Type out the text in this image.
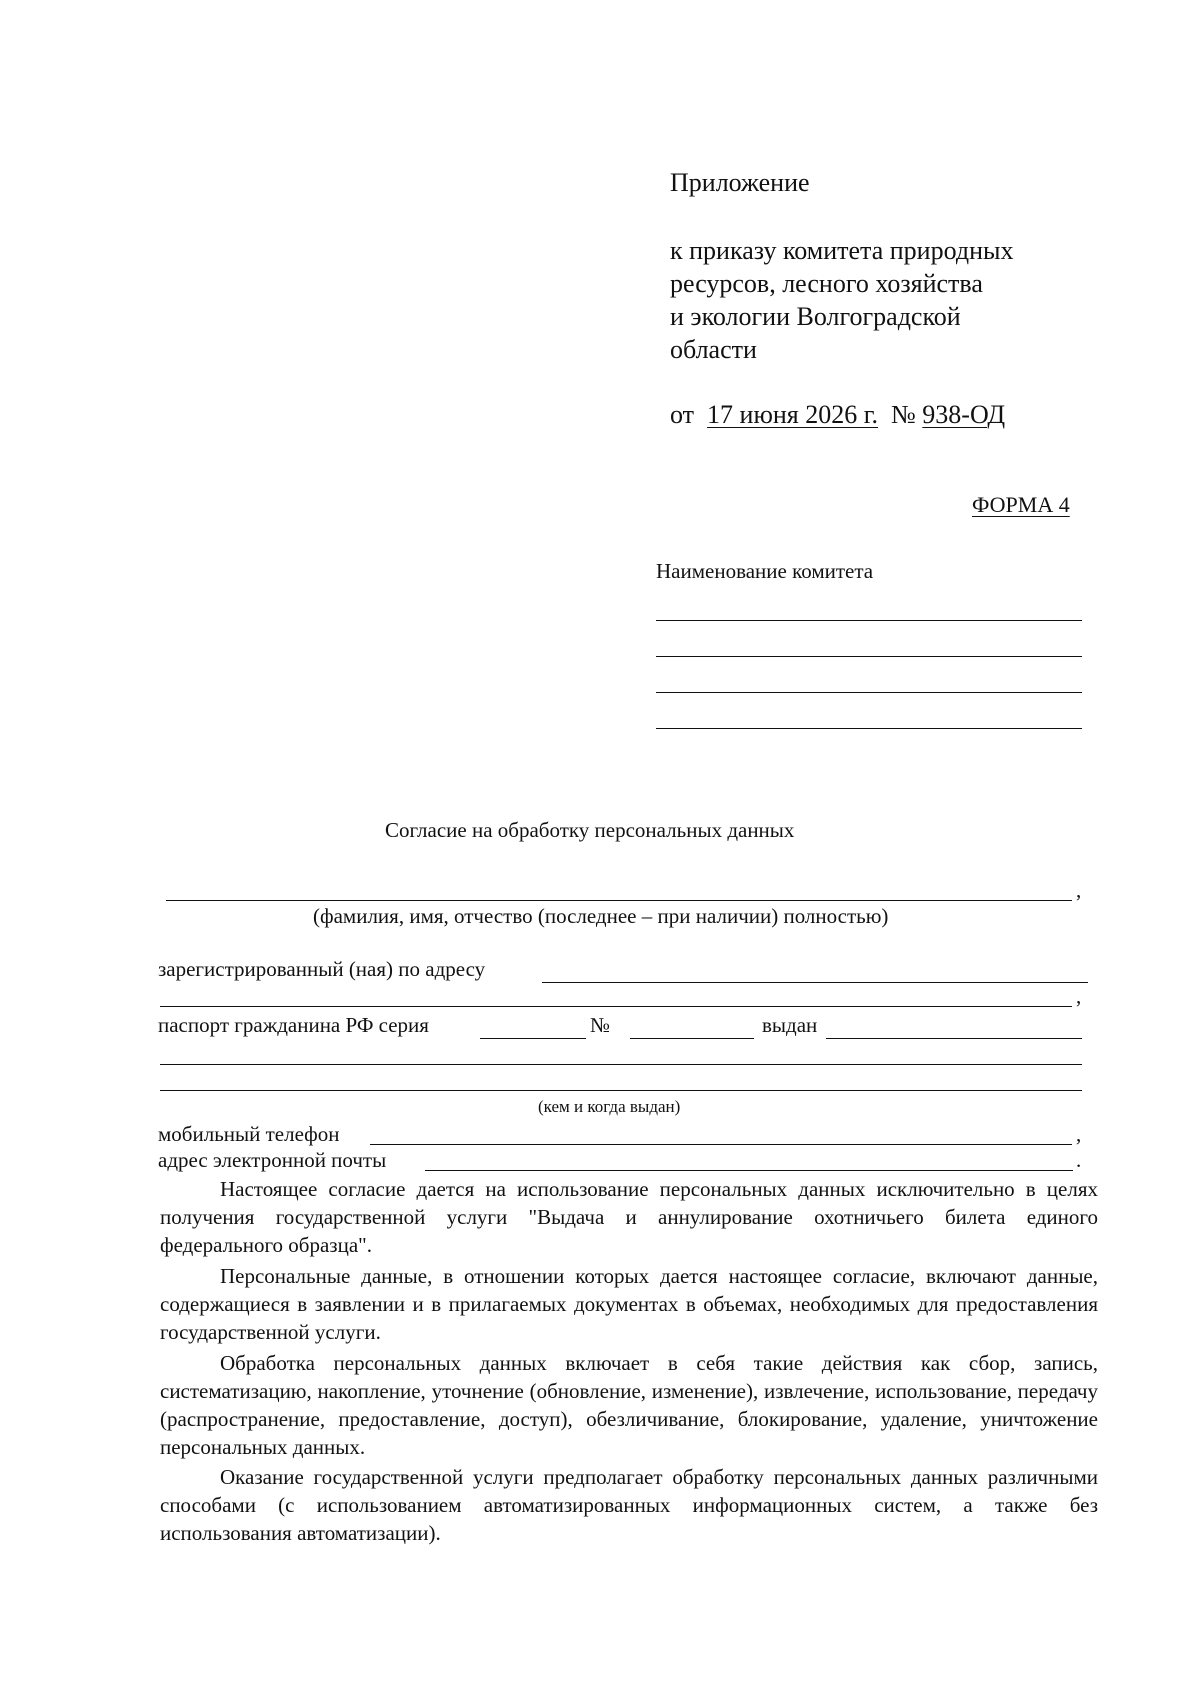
Приложение
к приказу комитета природных
ресурсов, лесного хозяйства
и экологии Волгоградской
области
от 17 июня 2026 г. № 938-ОД
ФОРМА 4
Наименование комитета
Согласие на обработку персональных данных
,
(фамилия, имя, отчество (последнее – при наличии) полностью)
зарегистрированный (ная) по адресу
,
паспорт гражданина РФ серия	№	выдан
(кем и когда выдан)
мобильный телефон	,
адрес электронной почты	.

Настоящее согласие дается на использование персональных данных исключительно в целях получения государственной услуги "Выдача и аннулирование охотничьего билета единого федерального образца".

Персональные данные, в отношении которых дается настоящее согласие, включают данные, содержащиеся в заявлении и в прилагаемых документах в объемах, необходимых для предоставления государственной услуги.

Обработка персональных данных включает в себя такие действия как сбор, запись, систематизацию, накопление, уточнение (обновление, изменение), извлечение, использование, передачу (распространение, предоставление, доступ), обезличивание, блокирование, удаление, уничтожение персональных данных.

Оказание государственной услуги предполагает обработку персональных данных различными способами (с использованием автоматизированных информационных систем, а также без использования автоматизации).
